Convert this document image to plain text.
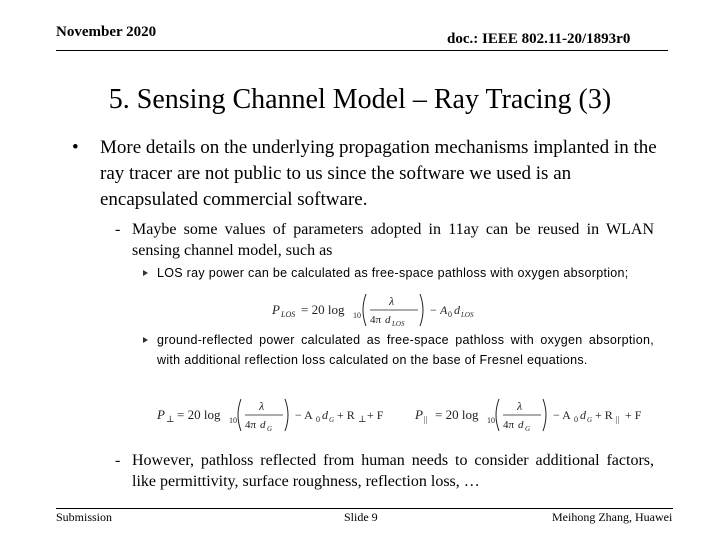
November 2020	doc.: IEEE 802.11-20/1893r0
5. Sensing Channel Model – Ray Tracing (3)
• More details on the underlying propagation mechanisms implanted in the ray tracer are not public to us since the software we used is an encapsulated commercial software.
- Maybe some values of parameters adopted in 11ay can be reused in WLAN sensing channel model, such as
LOS ray power can be calculated as free-space pathloss with oxygen absorption;
P LOS = 20 log 10
λ
4π d LOS
− A 0 d LOS
ground-reflected power calculated as free-space pathloss with oxygen absorption, with additional reflection loss calculated on the base of Fresnel equations.
P ⊥ = 20 log 10
λ
4π d G
− A 0 d G + R ⊥ + F P || = 20 log 10
λ
4π d G
− A 0 d G + R || + F
- However, pathloss reflected from human needs to consider additional factors, like permittivity, surface roughness, reflection loss, …
Submission	Slide 9	Meihong Zhang, Huawei
